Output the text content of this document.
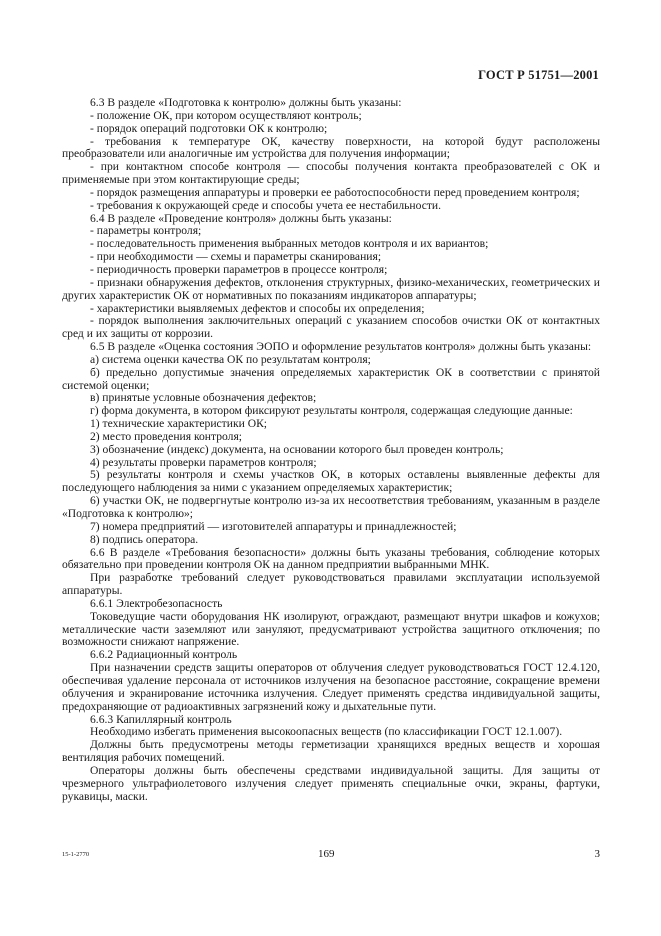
ГОСТ Р 51751—2001

6.3 В разделе «Подготовка к контролю» должны быть указаны:

- положение ОК, при котором осуществляют контроль;

- порядок операций подготовки ОК к контролю;

- требования к температуре ОК, качеству поверхности, на которой будут расположены преобразователи или аналогичные им устройства для получения информации;

- при контактном способе контроля — способы получения контакта преобразователей с ОК и применяемые при этом контактирующие среды;

- порядок размещения аппаратуры и проверки ее работоспособности перед проведением контроля;

- требования к окружающей среде и способы учета ее нестабильности.

6.4 В разделе «Проведение контроля» должны быть указаны:

- параметры контроля;

- последовательность применения выбранных методов контроля и их вариантов;

- при необходимости — схемы и параметры сканирования;

- периодичность проверки параметров в процессе контроля;

- признаки обнаружения дефектов, отклонения структурных, физико-механических, геометрических и других характеристик ОК от нормативных по показаниям индикаторов аппаратуры;

- характеристики выявляемых дефектов и способы их определения;

- порядок выполнения заключительных операций с указанием способов очистки ОК от контактных сред и их защиты от коррозии.

6.5 В разделе «Оценка состояния ЭОПО и оформление результатов контроля» должны быть указаны:

а) система оценки качества ОК по результатам контроля;

б) предельно допустимые значения определяемых характеристик ОК в соответствии с принятой системой оценки;

в) принятые условные обозначения дефектов;

г) форма документа, в котором фиксируют результаты контроля, содержащая следующие данные:

1) технические характеристики ОК;

2) место проведения контроля;

3) обозначение (индекс) документа, на основании которого был проведен контроль;

4) результаты проверки параметров контроля;

5) результаты контроля и схемы участков ОК, в которых оставлены выявленные дефекты для последующего наблюдения за ними с указанием определяемых характеристик;

6) участки ОК, не подвергнутые контролю из-за их несоответствия требованиям, указанным в разделе «Подготовка к контролю»;

7) номера предприятий — изготовителей аппаратуры и принадлежностей;

8) подпись оператора.

6.6 В разделе «Требования безопасности» должны быть указаны требования, соблюдение которых обязательно при проведении контроля ОК на данном предприятии выбранными МНК.

При разработке требований следует руководствоваться правилами эксплуатации используемой аппаратуры.

6.6.1 Электробезопасность

Токоведущие части оборудования НК изолируют, ограждают, размещают внутри шкафов и кожухов; металлические части заземляют или зануляют, предусматривают устройства защитного отключения; по возможности снижают напряжение.

6.6.2 Радиационный контроль

При назначении средств защиты операторов от облучения следует руководствоваться ГОСТ 12.4.120, обеспечивая удаление персонала от источников излучения на безопасное расстояние, сокращение времени облучения и экранирование источника излучения. Следует применять средства индивидуальной защиты, предохраняющие от радиоактивных загрязнений кожу и дыхательные пути.

6.6.3 Капиллярный контроль

Необходимо избегать применения высокоопасных веществ (по классификации ГОСТ 12.1.007).

Должны быть предусмотрены методы герметизации хранящихся вредных веществ и хорошая вентиляция рабочих помещений.

Операторы должны быть обеспечены средствами индивидуальной защиты. Для защиты от чрезмерного ультрафиолетового излучения следует применять специальные очки, экраны, фартуки, рукавицы, маски.

15-1-2770	169	3
